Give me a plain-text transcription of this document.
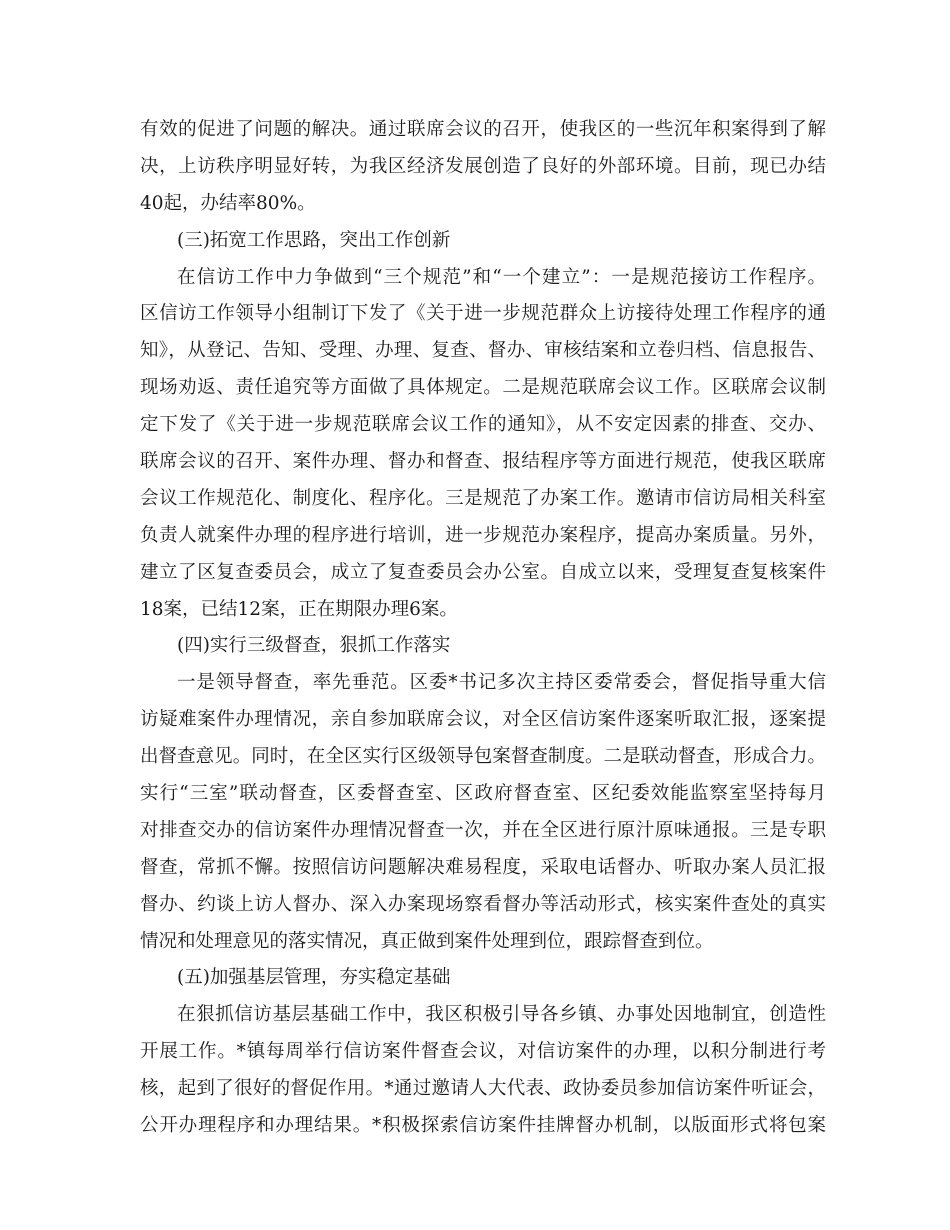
有效的促进了问题的解决。通过联席会议的召开，使我区的一些沉年积案得到了解
决，上访秩序明显好转，为我区经济发展创造了良好的外部环境。目前，现已办结
40起，办结率80%。
(三)拓宽工作思路，突出工作创新
在信访工作中力争做到“三个规范”和“一个建立”：一是规范接访工作程序。
区信访工作领导小组制订下发了《关于进一步规范群众上访接待处理工作程序的通
知》，从登记、告知、受理、办理、复查、督办、审核结案和立卷归档、信息报告、
现场劝返、责任追究等方面做了具体规定。二是规范联席会议工作。区联席会议制
定下发了《关于进一步规范联席会议工作的通知》，从不安定因素的排查、交办、
联席会议的召开、案件办理、督办和督查、报结程序等方面进行规范，使我区联席
会议工作规范化、制度化、程序化。三是规范了办案工作。邀请市信访局相关科室
负责人就案件办理的程序进行培训，进一步规范办案程序，提高办案质量。另外，
建立了区复查委员会，成立了复查委员会办公室。自成立以来，受理复查复核案件
18案，已结12案，正在期限办理6案。
(四)实行三级督查，狠抓工作落实
一是领导督查，率先垂范。区委*书记多次主持区委常委会，督促指导重大信
访疑难案件办理情况，亲自参加联席会议，对全区信访案件逐案听取汇报，逐案提
出督查意见。同时，在全区实行区级领导包案督查制度。二是联动督查，形成合力。
实行“三室”联动督查，区委督查室、区政府督查室、区纪委效能监察室坚持每月
对排查交办的信访案件办理情况督查一次，并在全区进行原汁原味通报。三是专职
督查，常抓不懈。按照信访问题解决难易程度，采取电话督办、听取办案人员汇报
督办、约谈上访人督办、深入办案现场察看督办等活动形式，核实案件查处的真实
情况和处理意见的落实情况，真正做到案件处理到位，跟踪督查到位。
(五)加强基层管理，夯实稳定基础
在狠抓信访基层基础工作中，我区积极引导各乡镇、办事处因地制宜，创造性
开展工作。*镇每周举行信访案件督查会议，对信访案件的办理，以积分制进行考
核，起到了很好的督促作用。*通过邀请人大代表、政协委员参加信访案件听证会，
公开办理程序和办理结果。*积极探索信访案件挂牌督办机制，以版面形式将包案
